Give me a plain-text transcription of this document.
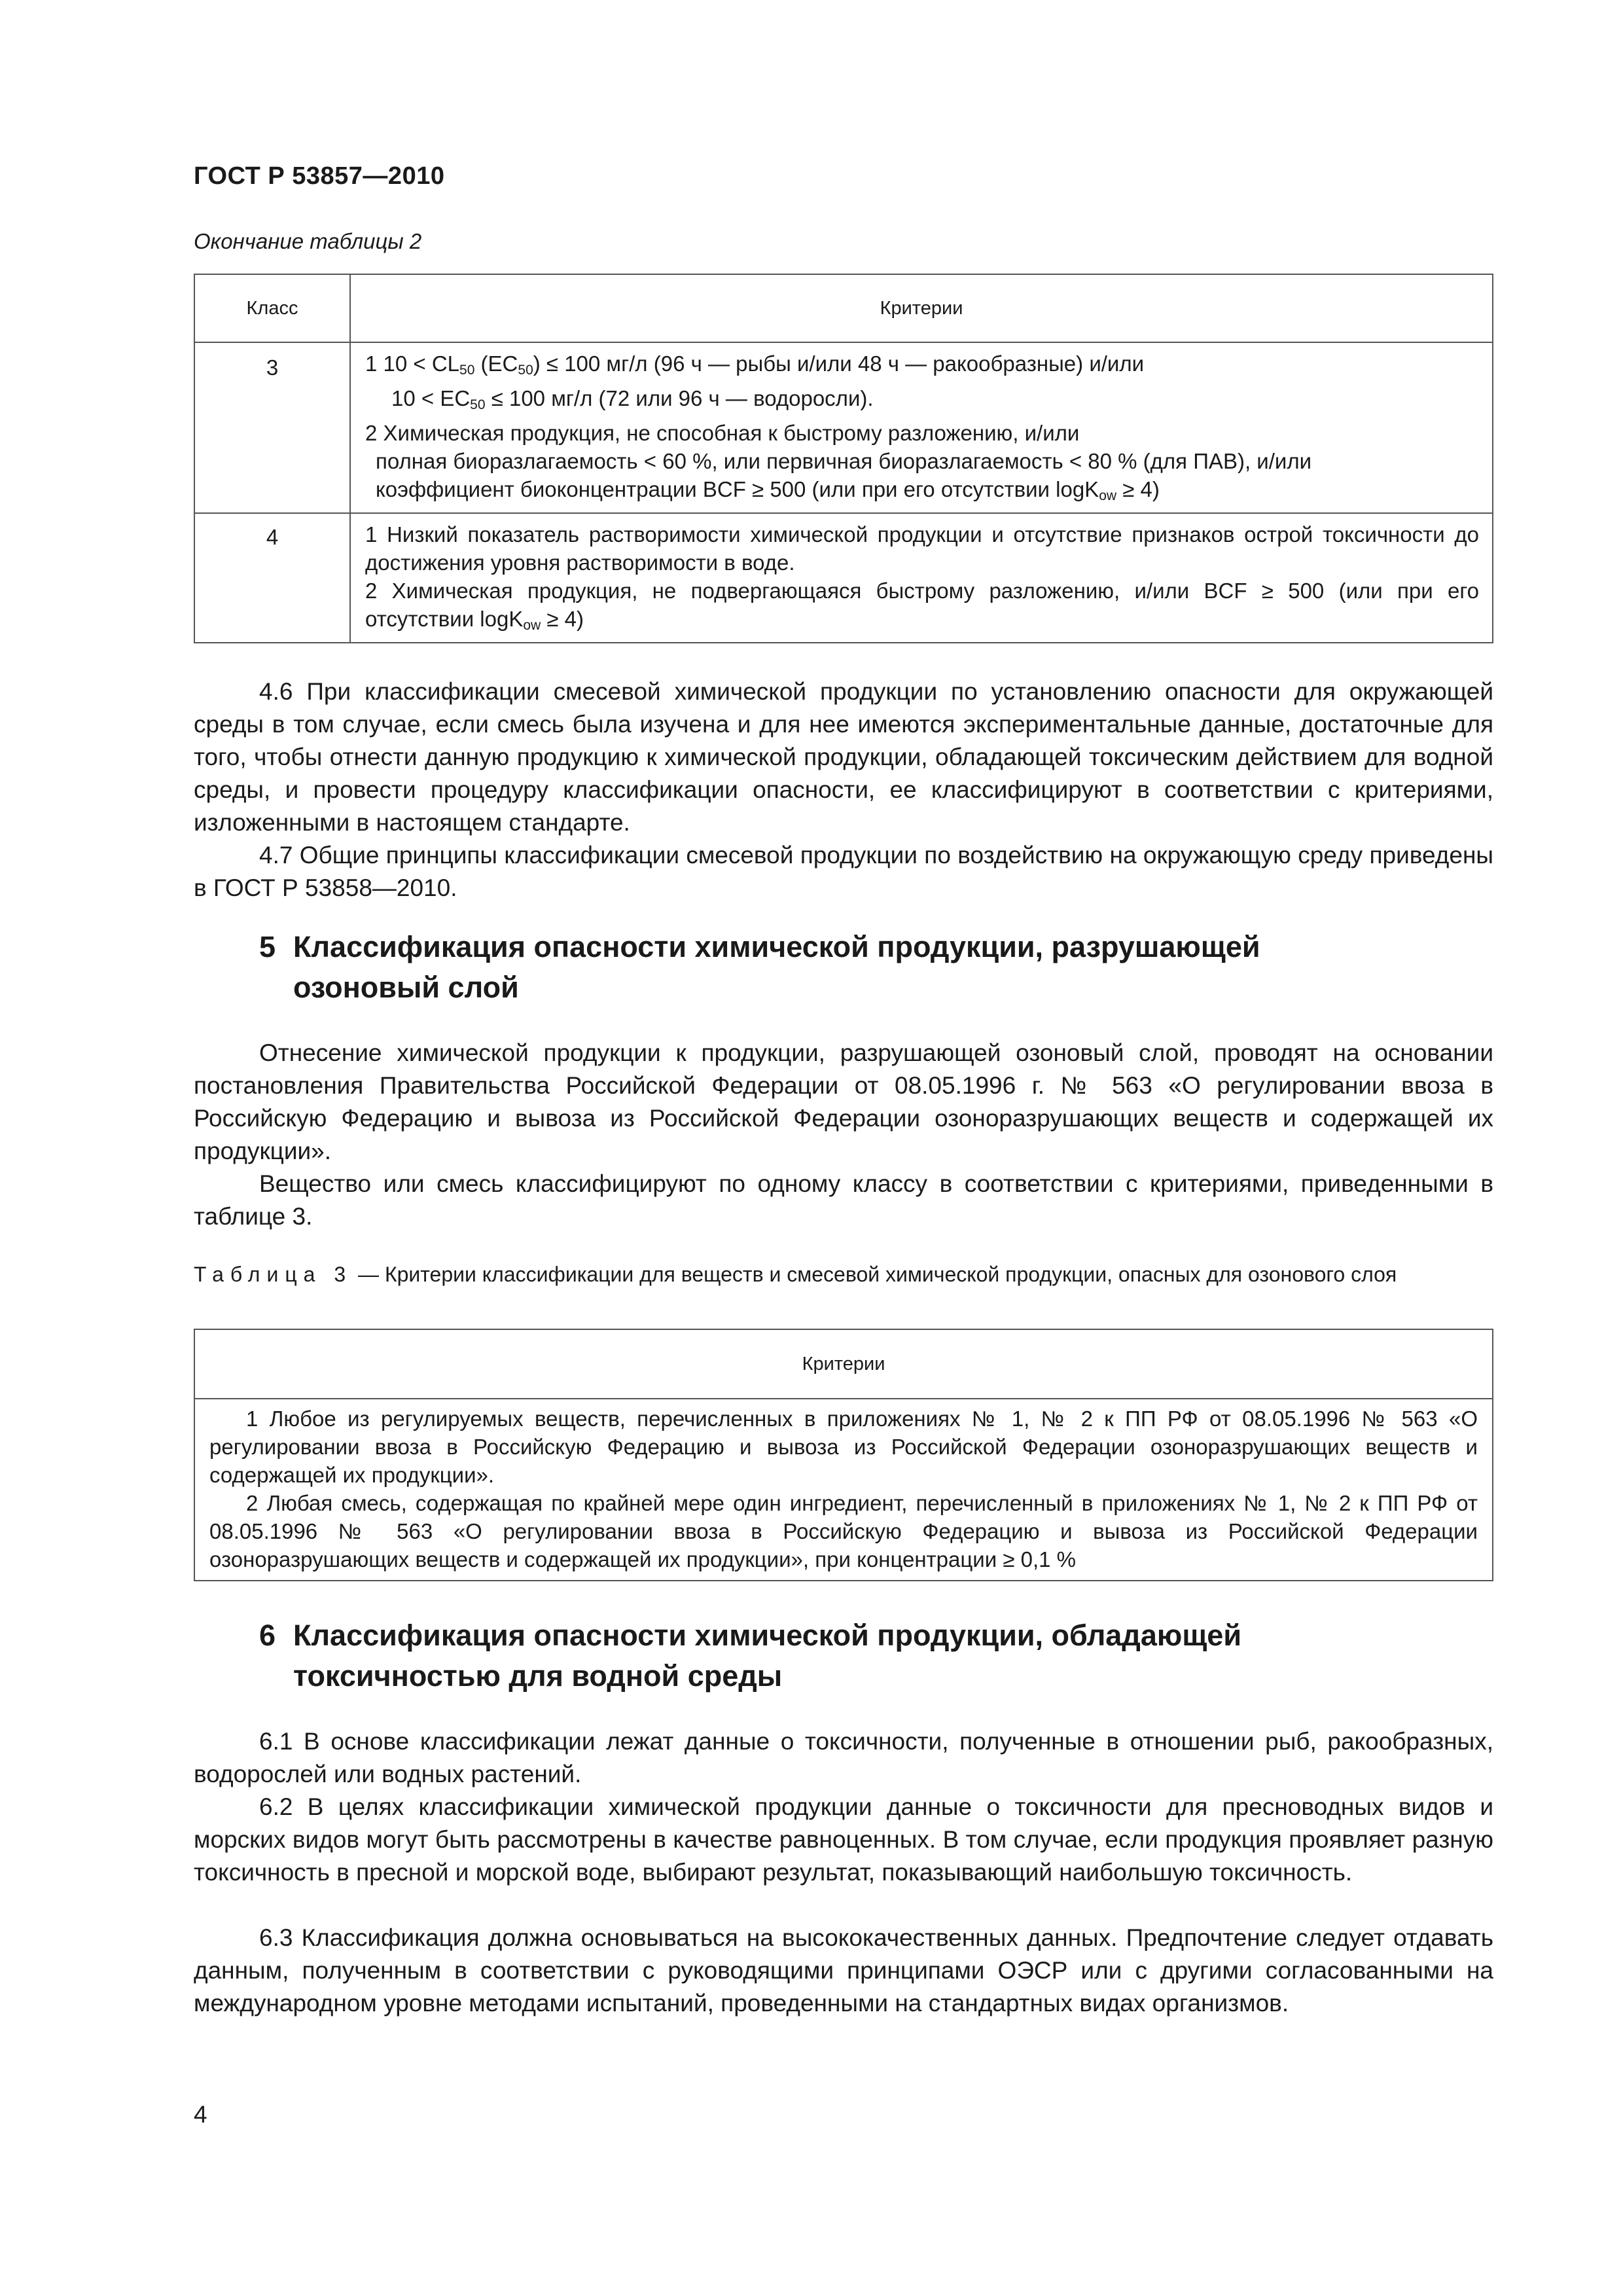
ГОСТ Р 53857—2010
Окончание таблицы 2
Класс	Критерии
3	1 $10 < CL_{50}$ $(EC_{50}) \le 100$ мг/л (96 ч — рыбы и/или 48 ч — ракообразные) и/или
$10 < EC_{50} \le 100$ мг/л (72 или 96 ч — водоросли).
2 Химическая продукция, не способная к быстрому разложению, и/или
полная биоразлагаемость < 60 %, или первичная биоразлагаемость < 80 % (для ПАВ), и/или
коэффициент биоконцентрации BCF ≥ 500 (или при его отсутствии logK$_{ow}$ ≥ 4)

4	1 Низкий показатель растворимости химической продукции и отсутствие признаков острой токсичности до достижения уровня растворимости в воде.
2 Химическая продукция, не подвергающаяся быстрому разложению, и/или BCF ≥ 500 (или при его отсутствии logK$_{ow}$ ≥ 4)
4.6 При классификации смесевой химической продукции по установлению опасности для окружающей среды в том случае, если смесь была изучена и для нее имеются экспериментальные данные, достаточные для того, чтобы отнести данную продукцию к химической продукции, обладающей токсическим действием для водной среды, и провести процедуру классификации опасности, ее классифицируют в соответствии с критериями, изложенными в настоящем стандарте.
4.7 Общие принципы классификации смесевой продукции по воздействию на окружающую среду приведены в ГОСТ Р 53858—2010.
5 Классификация опасности химической продукции, разрушающей
озоновый слой
Отнесение химической продукции к продукции, разрушающей озоновый слой, проводят на основании постановления Правительства Российской Федерации от 08.05.1996 г. № 563 «О регулировании ввоза в Российскую Федерацию и вывоза из Российской Федерации озоноразрушающих веществ и содержащей их продукции».
Вещество или смесь классифицируют по одному классу в соответствии с критериями, приведенными в таблице 3.
Таблица 3 — Критерии классификации для веществ и смесевой химической продукции, опасных для озонового слоя
Критерии

1 Любое из регулируемых веществ, перечисленных в приложениях № 1, № 2 к ПП РФ от 08.05.1996 № 563 «О регулировании ввоза в Российскую Федерацию и вывоза из Российской Федерации озоноразрушающих веществ и содержащей их продукции».
2 Любая смесь, содержащая по крайней мере один ингредиент, перечисленный в приложениях № 1, № 2 к ПП РФ от 08.05.1996 № 563 «О регулировании ввоза в Российскую Федерацию и вывоза из Российской Федерации озоноразрушающих веществ и содержащей их продукции», при концентрации ≥ 0,1 %
6 Классификация опасности химической продукции, обладающей
токсичностью для водной среды
6.1 В основе классификации лежат данные о токсичности, полученные в отношении рыб, ракообразных, водорослей или водных растений.
6.2 В целях классификации химической продукции данные о токсичности для пресноводных видов и морских видов могут быть рассмотрены в качестве равноценных. В том случае, если продукция проявляет разную токсичность в пресной и морской воде, выбирают результат, показывающий наибольшую токсичность.
6.3 Классификация должна основываться на высококачественных данных. Предпочтение следует отдавать данным, полученным в соответствии с руководящими принципами ОЭСР или с другими согласованными на международном уровне методами испытаний, проведенными на стандартных видах организмов.
4
